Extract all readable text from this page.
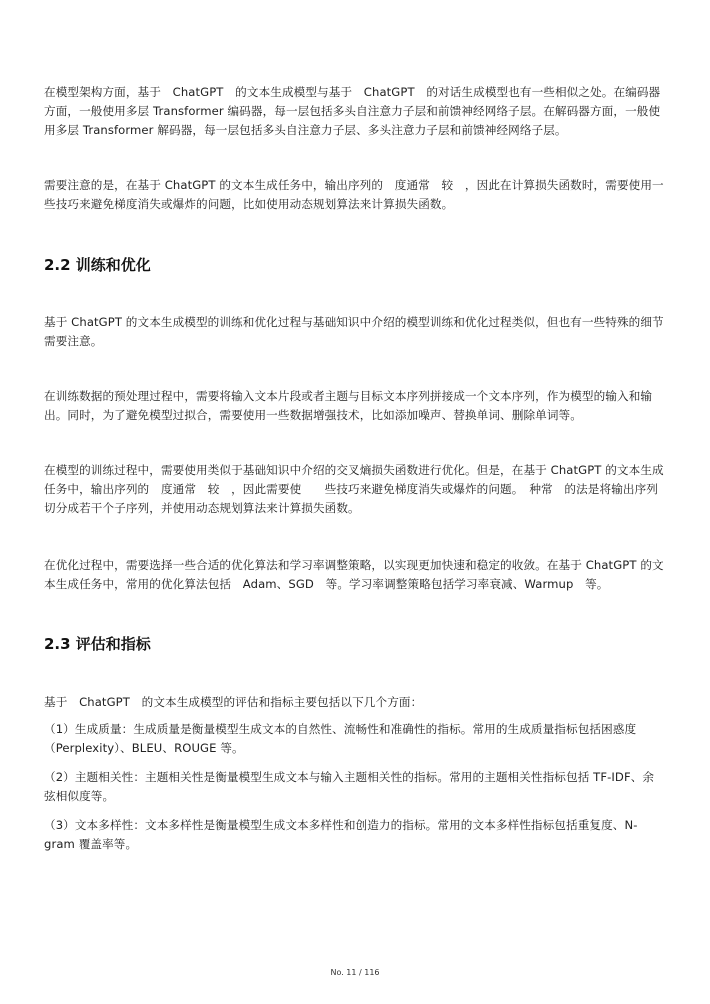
在模型架构方面，基于　ChatGPT　的文本生成模型与基于　ChatGPT　的对话生成模型也有一些相似之处。在编码器方面，一般使用多层 Transformer 编码器，每一层包括多头自注意力子层和前馈神经网络子层。在解码器方面，一般使用多层 Transformer 解码器，每一层包括多头自注意力子层、多头注意力子层和前馈神经网络子层。

需要注意的是，在基于 ChatGPT 的文本生成任务中，输出序列的　度通常　较　，因此在计算损失函数时，需要使用一些技巧来避免梯度消失或爆炸的问题，比如使用动态规划算法来计算损失函数。

2.2 训练和优化

基于 ChatGPT 的文本生成模型的训练和优化过程与基础知识中介绍的模型训练和优化过程类似，但也有一些特殊的细节需要注意。

在训练数据的预处理过程中，需要将输入文本片段或者主题与目标文本序列拼接成一个文本序列，作为模型的输入和输出。同时，为了避免模型过拟合，需要使用一些数据增强技术，比如添加噪声、替换单词、删除单词等。

在模型的训练过程中，需要使用类似于基础知识中介绍的交叉熵损失函数进行优化。但是，在基于 ChatGPT 的文本生成任务中，输出序列的　度通常　较　，因此需要使　　些技巧来避免梯度消失或爆炸的问题。　种常　的法是将输出序列切分成若干个子序列，并使用动态规划算法来计算损失函数。

在优化过程中，需要选择一些合适的优化算法和学习率调整策略，以实现更加快速和稳定的收敛。在基于 ChatGPT 的文本生成任务中，常用的优化算法包括　Adam、SGD　等。学习率调整策略包括学习率衰减、Warmup　等。

2.3 评估和指标

基于　ChatGPT　的文本生成模型的评估和指标主要包括以下几个方面：

（1）生成质量：生成质量是衡量模型生成文本的自然性、流畅性和准确性的指标。常用的生成质量指标包括困惑度（Perplexity）、BLEU、ROUGE 等。

（2）主题相关性：主题相关性是衡量模型生成文本与输入主题相关性的指标。常用的主题相关性指标包括 TF-IDF、余弦相似度等。

（3）文本多样性：文本多样性是衡量模型生成文本多样性和创造力的指标。常用的文本多样性指标包括重复度、N-gram 覆盖率等。

No. 11 / 116
